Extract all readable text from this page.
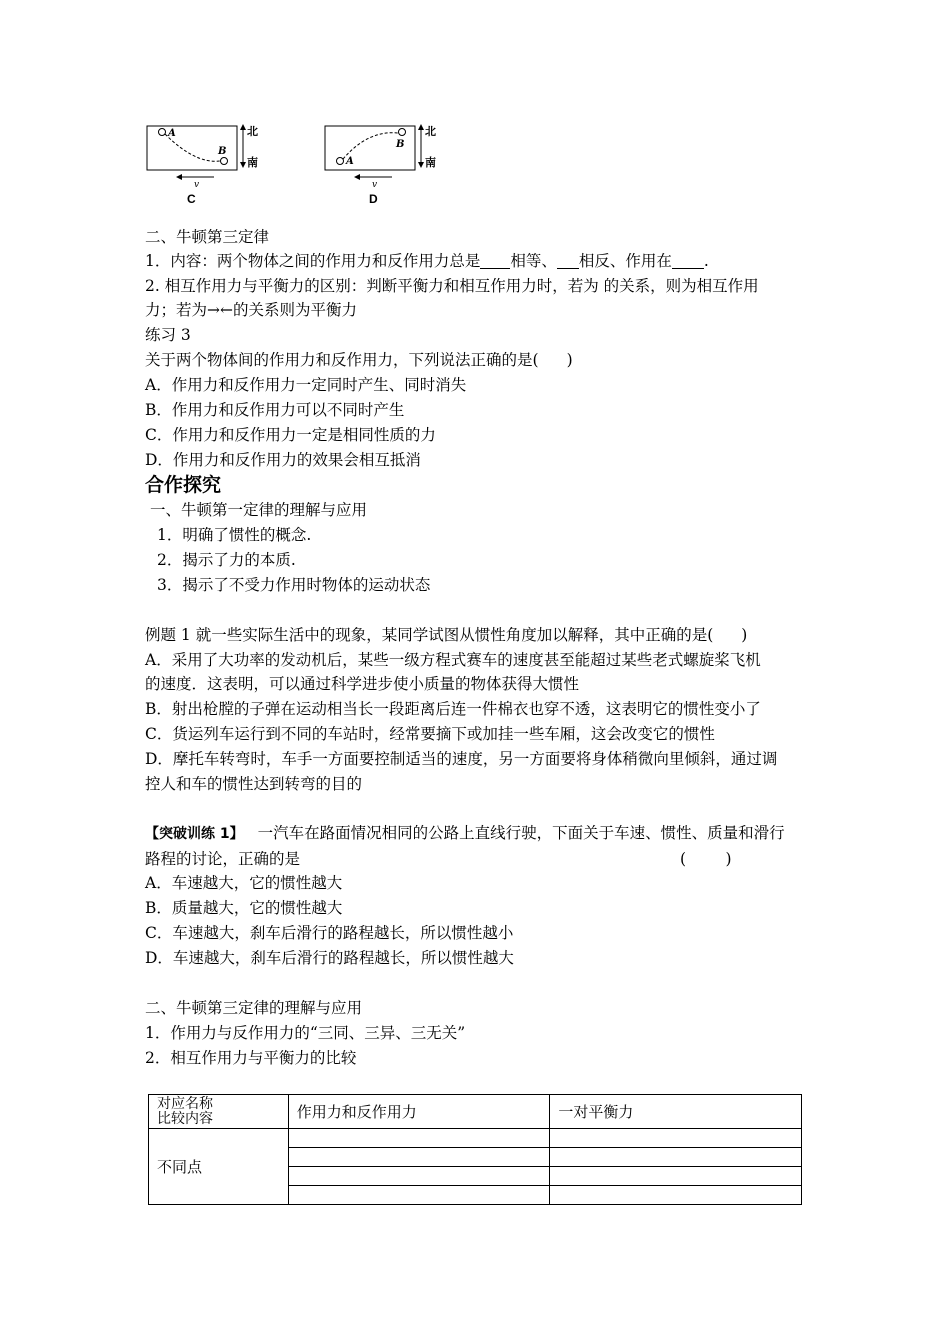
A
B
北
南
v
C
A
B
北
南
v
D
二、牛顿第三定律
1．内容：两个物体之间的作用力和反作用力总是 相等、 相反、作用在 .
2. 相互作用力与平衡力的区别：判断平衡力和相互作用力时，若为 的关系，则为相互作用
力；若为→←的关系则为平衡力
练习 3
关于两个物体间的作用力和反作用力，下列说法正确的是( )
A．作用力和反作用力一定同时产生、同时消失
B．作用力和反作用力可以不同时产生
C．作用力和反作用力一定是相同性质的力
D．作用力和反作用力的效果会相互抵消
合作探究
一、牛顿第一定律的理解与应用
1．明确了惯性的概念.
2．揭示了力的本质.
3．揭示了不受力作用时物体的运动状态
例题 1 就一些实际生活中的现象，某同学试图从惯性角度加以解释，其中正确的是( )
A．采用了大功率的发动机后，某些一级方程式赛车的速度甚至能超过某些老式螺旋桨飞机
的速度．这表明，可以通过科学进步使小质量的物体获得大惯性
B．射出枪膛的子弹在运动相当长一段距离后连一件棉衣也穿不透，这表明它的惯性变小了
C．货运列车运行到不同的车站时，经常要摘下或加挂一些车厢，这会改变它的惯性
D．摩托车转弯时，车手一方面要控制适当的速度，另一方面要将身体稍微向里倾斜，通过调
控人和车的惯性达到转弯的目的
【突破训练 1】 一汽车在路面情况相同的公路上直线行驶，下面关于车速、惯性、质量和滑行
路程的讨论，正确的是	(        )
A．车速越大，它的惯性越大
B．质量越大，它的惯性越大
C．车速越大，刹车后滑行的路程越长，所以惯性越小
D．车速越大，刹车后滑行的路程越长，所以惯性越大
二、牛顿第三定律的理解与应用
1．作用力与反作用力的“三同、三异、三无关”
2．相互作用力与平衡力的比较
对应名称
比较内容	作用力和反作用力	一对平衡力
不同点		
